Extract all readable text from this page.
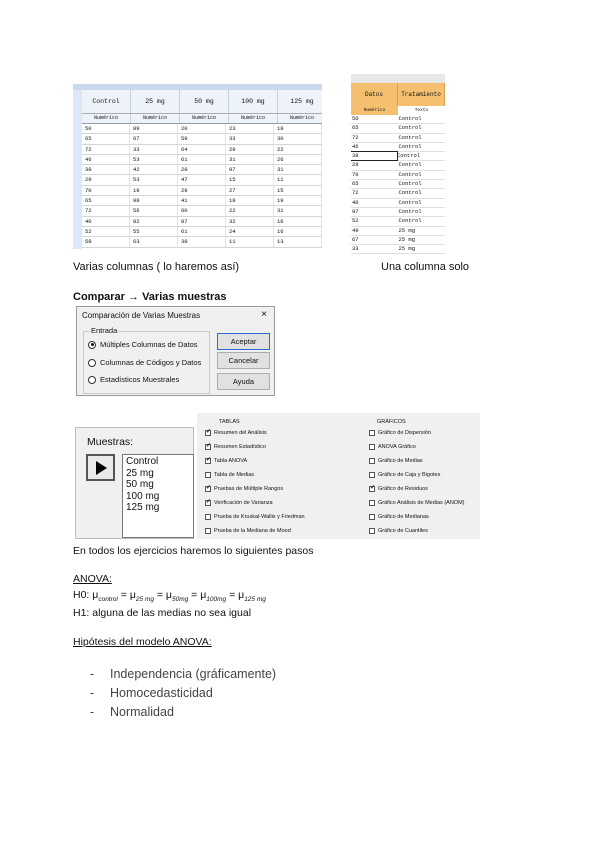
Control	25 mg	50 mg	100 mg	125 mg
Numérico	Numérico	Numérico	Numérico	Numérico
50	89	20	23	18
65	67	59	33	30
72	33	64	29	22
46	53	61	31	26
38	42	28	97	31
29	53	47	15	11
70	19	29	27	15
65	98	41	18	19
72	56	60	22	31
40	82	87	32	16
52	55	61	24	16
58	63	38	11	13
Datos	Tratamiento
Numérico	Texto
50	Control
65	Control
72	Control
46	Control
38	Control
29	Control
70	Control
65	Control
72	Control
40	Control
97	Control
52	Control
49	25 mg
67	25 mg
33	25 mg
Varias columnas ( lo haremos así)	Una columna solo
Comparar → Varias muestras
Comparación de Varias Muestras	×
Entrada
Múltiples Columnas de Datos
Columnas de Códigos y Datos
Estadísticos Muestrales
Aceptar
Cancelar
Ayuda
Muestras:
Control
25 mg
50 mg
100 mg
125 mg
TABLAS	GRÁFICOS
✓
Resumen del Análisis
✓
Resumen Estadístico
✓
Tabla ANOVA
Tabla de Medias
✓
Pruebas de Múltiple Rangos
✓
Verificación de Varianza
Prueba de Kruskal-Wallis y Friedman
Prueba de la Mediana de Mood
Gráfico de Dispersión
ANOVA Gráfico
Gráfico de Medias
Gráfico de Caja y Bigotes
✓
Gráfico de Residuos
Gráfico Análisis de Medias (ANOM)
Gráfico de Medianas
Gráfico de Cuantiles
En todos los ejercicios haremos lo siguientes pasos
ANOVA:
H0: $\mu_{control} = \mu_{25 mg} = \mu_{50mg} = \mu_{100mg} = \mu_{125 mg}$
H1: alguna de las medias no sea igual
Hipótesis del modelo ANOVA:
- Independencia (gráficamente)
- Homocedasticidad
- Normalidad
